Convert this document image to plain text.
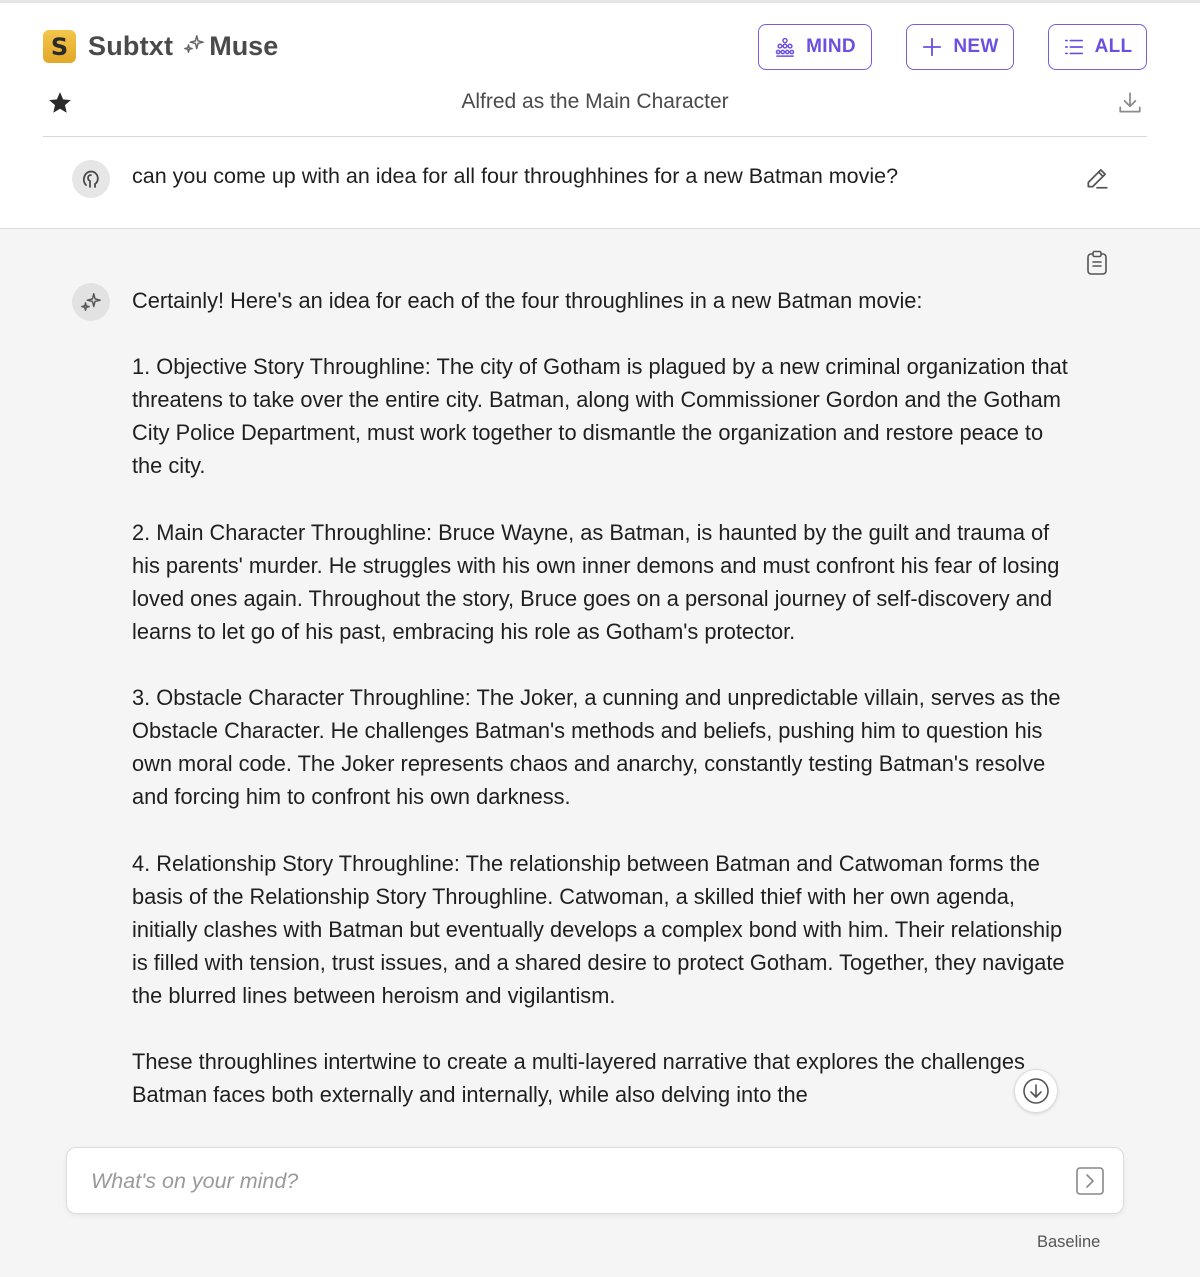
S Subtxt Muse	MIND	NEW	ALL
Alfred as the Main Character
can you come up with an idea for all four throughhines for a new Batman movie?

Certainly! Here's an idea for each of the four throughlines in a new Batman movie:

1. Objective Story Throughline: The city of Gotham is plagued by a new criminal organization that threatens to take over the entire city. Batman, along with Commissioner Gordon and the Gotham City Police Department, must work together to dismantle the organization and restore peace to the city.

2. Main Character Throughline: Bruce Wayne, as Batman, is haunted by the guilt and trauma of his parents' murder. He struggles with his own inner demons and must confront his fear of losing loved ones again. Throughout the story, Bruce goes on a personal journey of self-discovery and learns to let go of his past, embracing his role as Gotham's protector.

3. Obstacle Character Throughline: The Joker, a cunning and unpredictable villain, serves as the Obstacle Character. He challenges Batman's methods and beliefs, pushing him to question his own moral code. The Joker represents chaos and anarchy, constantly testing Batman's resolve and forcing him to confront his own darkness.

4. Relationship Story Throughline: The relationship between Batman and Catwoman forms the basis of the Relationship Story Throughline. Catwoman, a skilled thief with her own agenda, initially clashes with Batman but eventually develops a complex bond with him. Their relationship is filled with tension, trust issues, and a shared desire to protect Gotham. Together, they navigate the blurred lines between heroism and vigilantism.

These throughlines intertwine to create a multi-layered narrative that explores the challenges Batman faces both externally and internally, while also delving into the

What's on your mind?
Baseline
